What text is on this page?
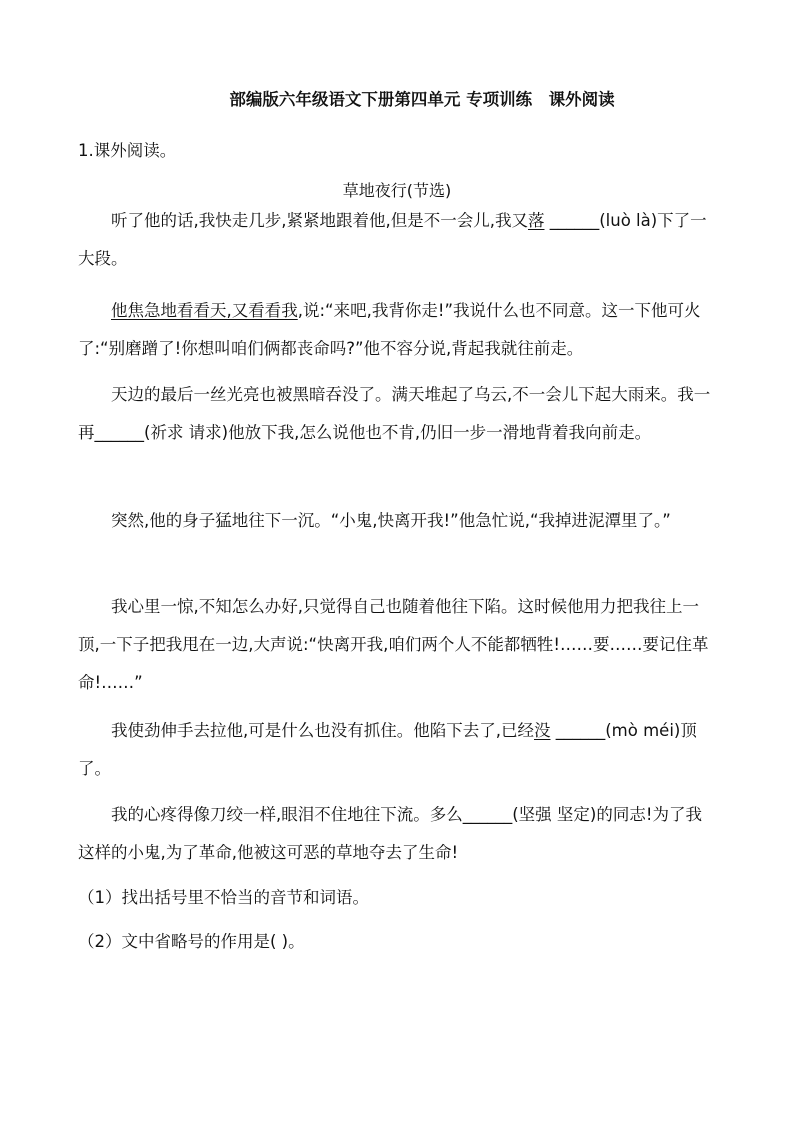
部编版六年级语文下册第四单元 专项训练　课外阅读
1.课外阅读。
草地夜行(节选)

听了他的话,我快走几步,紧紧地跟着他,但是不一会儿,我又落 ______(luò là)下了一大段。

他焦急地看看天,又看看我,说:“来吧,我背你走!”我说什么也不同意。这一下他可火了:“别磨蹭了!你想叫咱们俩都丧命吗?”他不容分说,背起我就往前走。

天边的最后一丝光亮也被黑暗吞没了。满天堆起了乌云,不一会儿下起大雨来。我一再______(祈求 请求)他放下我,怎么说他也不肯,仍旧一步一滑地背着我向前走。

突然,他的身子猛地往下一沉。“小鬼,快离开我!”他急忙说,“我掉进泥潭里了。”

我心里一惊,不知怎么办好,只觉得自己也随着他往下陷。这时候他用力把我往上一顶,一下子把我甩在一边,大声说:“快离开我,咱们两个人不能都牺牲!……要……要记住革命!……”

我使劲伸手去拉他,可是什么也没有抓住。他陷下去了,已经没 ______(mò méi)顶了。

我的心疼得像刀绞一样,眼泪不住地往下流。多么______(坚强 坚定)的同志!为了我这样的小鬼,为了革命,他被这可恶的草地夺去了生命!

（1）找出括号里不恰当的音节和词语。
（2）文中省略号的作用是( )。
